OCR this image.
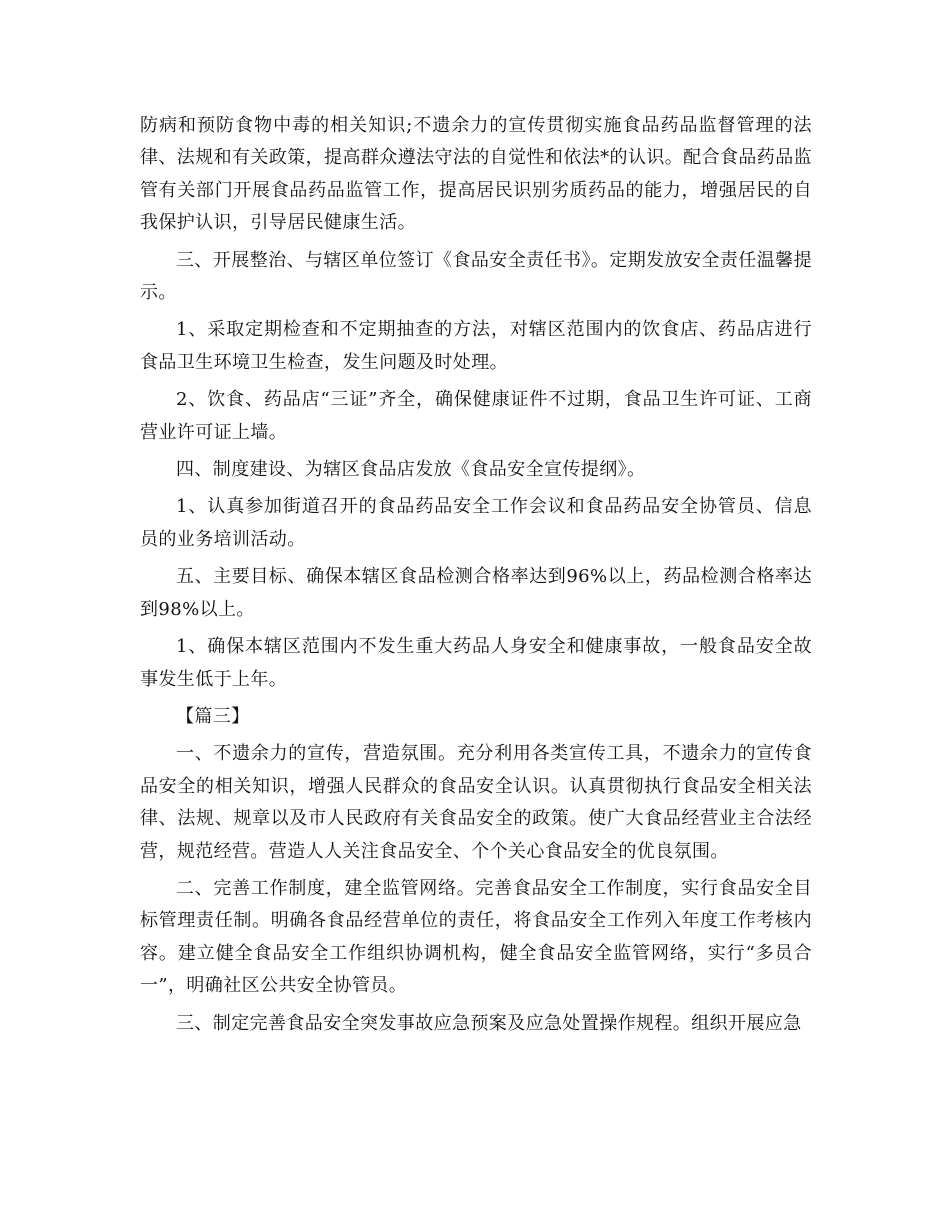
防病和预防食物中毒的相关知识;不遗余力的宣传贯彻实施食品药品监督管理的法律、法规和有关政策，提高群众遵法守法的自觉性和依法*的认识。配合食品药品监管有关部门开展食品药品监管工作，提高居民识别劣质药品的能力，增强居民的自我保护认识，引导居民健康生活。

三、开展整治、与辖区单位签订《食品安全责任书》。定期发放安全责任温馨提示。

1、采取定期检查和不定期抽查的方法，对辖区范围内的饮食店、药品店进行食品卫生环境卫生检查，发生问题及时处理。

2、饮食、药品店“三证”齐全，确保健康证件不过期，食品卫生许可证、工商营业许可证上墙。

四、制度建设、为辖区食品店发放《食品安全宣传提纲》。

1、认真参加街道召开的食品药品安全工作会议和食品药品安全协管员、信息员的业务培训活动。

五、主要目标、确保本辖区食品检测合格率达到96%以上，药品检测合格率达到98%以上。

1、确保本辖区范围内不发生重大药品人身安全和健康事故，一般食品安全故事发生低于上年。

【篇三】

一、不遗余力的宣传，营造氛围。充分利用各类宣传工具，不遗余力的宣传食品安全的相关知识，增强人民群众的食品安全认识。认真贯彻执行食品安全相关法律、法规、规章以及市人民政府有关食品安全的政策。使广大食品经营业主合法经营，规范经营。营造人人关注食品安全、个个关心食品安全的优良氛围。

二、完善工作制度，建全监管网络。完善食品安全工作制度，实行食品安全目标管理责任制。明确各食品经营单位的责任，将食品安全工作列入年度工作考核内容。建立健全食品安全工作组织协调机构，健全食品安全监管网络，实行“多员合一”，明确社区公共安全协管员。

三、制定完善食品安全突发事故应急预案及应急处置操作规程。组织开展应急
